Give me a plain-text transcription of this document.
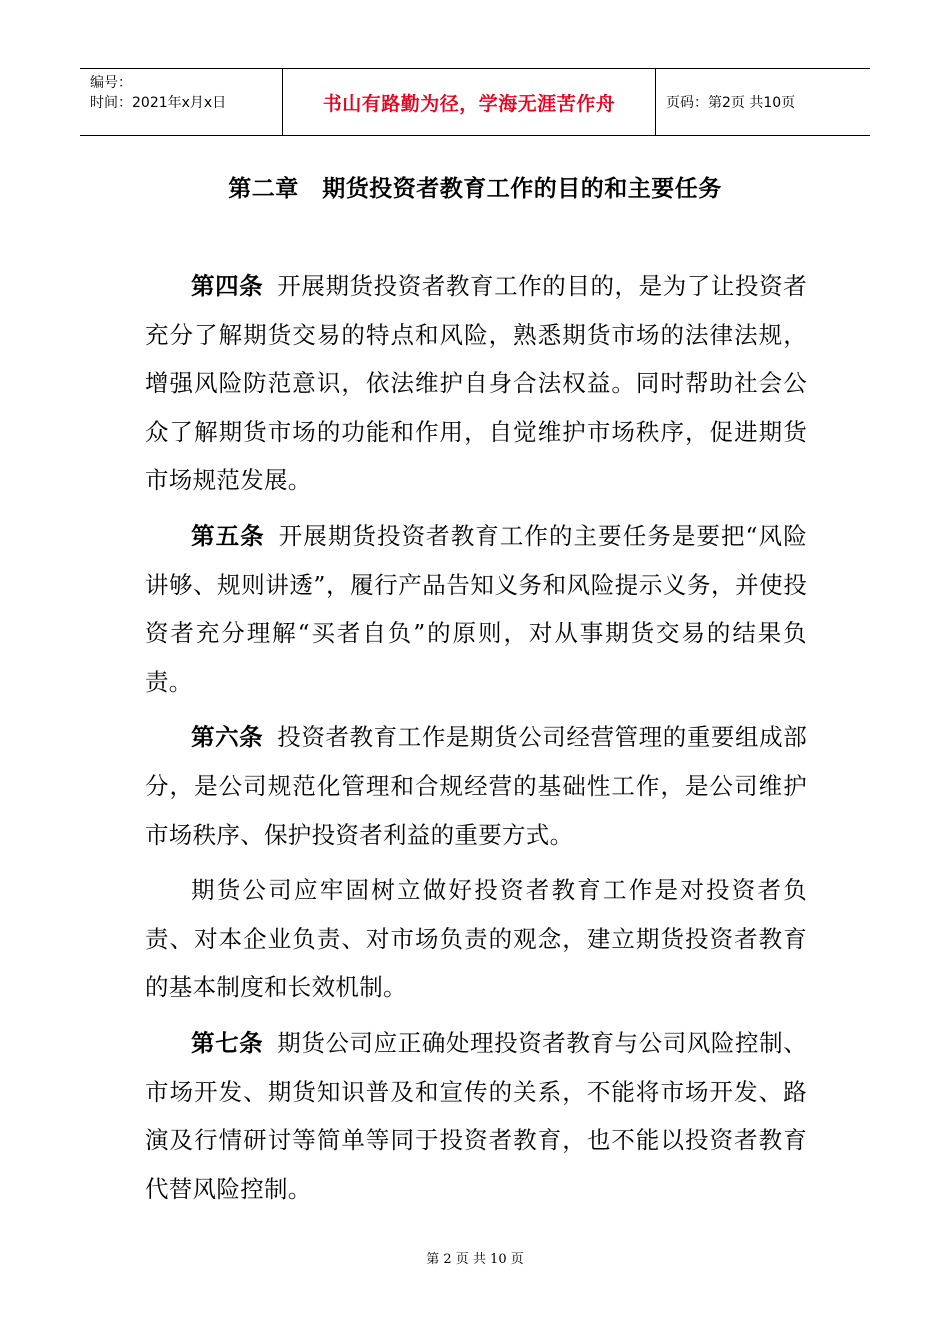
编号：
时间：2021年x月x日	书山有路勤为径，学海无涯苦作舟	页码：第2页 共10页
第二章　期货投资者教育工作的目的和主要任务

第四条 开展期货投资者教育工作的目的，是为了让投资者充分了解期货交易的特点和风险，熟悉期货市场的法律法规，增强风险防范意识，依法维护自身合法权益。同时帮助社会公众了解期货市场的功能和作用，自觉维护市场秩序，促进期货市场规范发展。

第五条 开展期货投资者教育工作的主要任务是要把“风险讲够、规则讲透”，履行产品告知义务和风险提示义务，并使投资者充分理解“买者自负”的原则，对从事期货交易的结果负责。

第六条 投资者教育工作是期货公司经营管理的重要组成部分，是公司规范化管理和合规经营的基础性工作，是公司维护市场秩序、保护投资者利益的重要方式。

期货公司应牢固树立做好投资者教育工作是对投资者负责、对本企业负责、对市场负责的观念，建立期货投资者教育的基本制度和长效机制。

第七条 期货公司应正确处理投资者教育与公司风险控制、市场开发、期货知识普及和宣传的关系，不能将市场开发、路演及行情研讨等简单等同于投资者教育，也不能以投资者教育代替风险控制。

第 2 页 共 10 页
